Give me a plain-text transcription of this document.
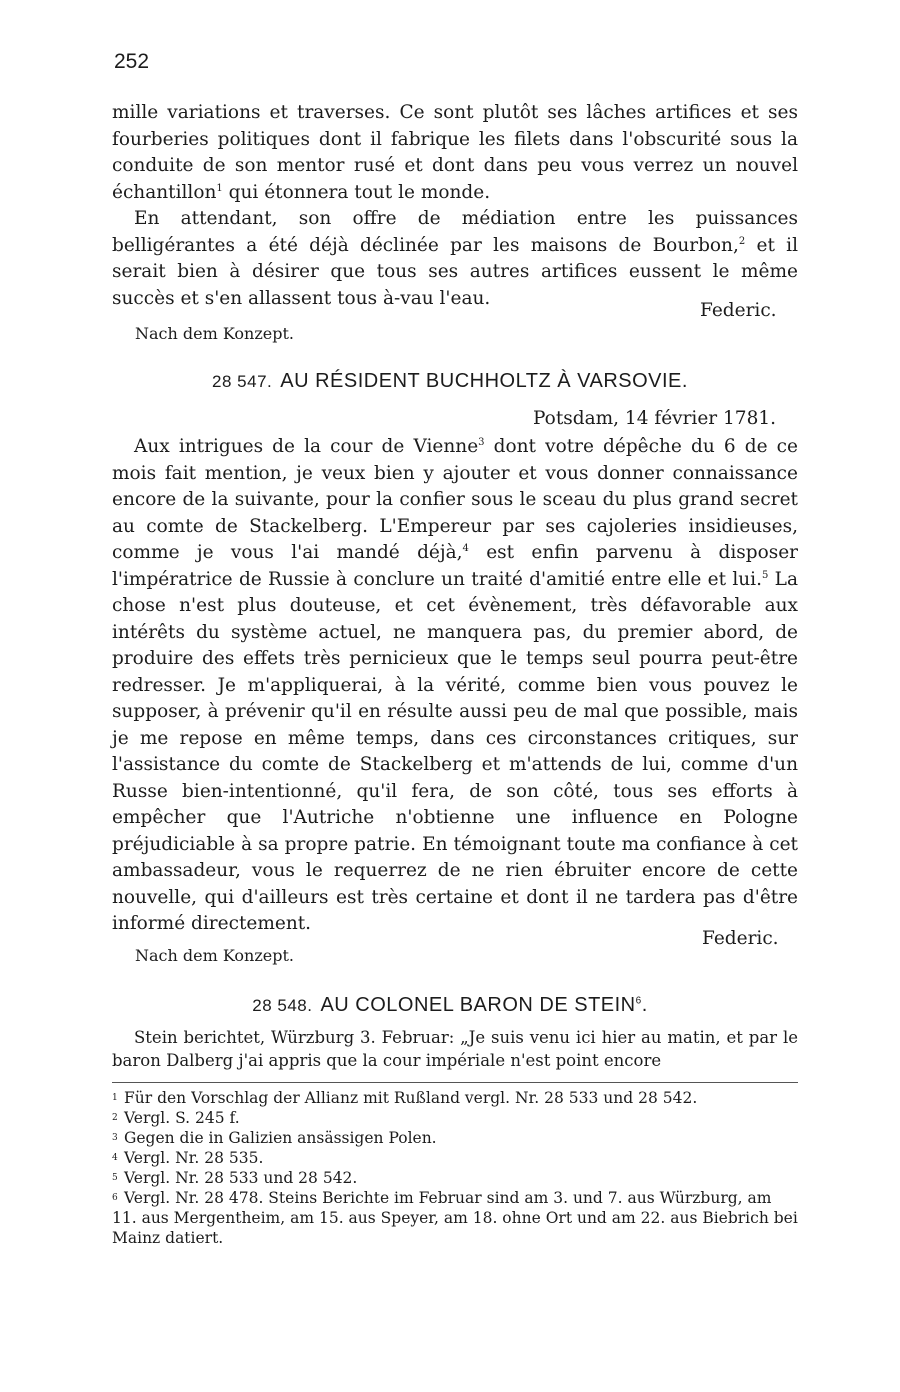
252
mille variations et traverses. Ce sont plutôt ses lâches artifices et ses fourberies politiques dont il fabrique les filets dans l'obscurité sous la conduite de son mentor rusé et dont dans peu vous verrez un nouvel échantillon$^1$ qui étonnera tout le monde.
En attendant, son offre de médiation entre les puissances belligérantes a été déjà déclinée par les maisons de Bourbon,$^2$ et il serait bien à désirer que tous ses autres artifices eussent le même succès et s'en allassent tous à-vau l'eau.
Federic.
Nach dem Konzept.
28 547. AU RÉSIDENT BUCHHOLTZ À VARSOVIE.
Potsdam, 14 février 1781.
Aux intrigues de la cour de Vienne$^3$ dont votre dépêche du 6 de ce mois fait mention, je veux bien y ajouter et vous donner connaissance encore de la suivante, pour la confier sous le sceau du plus grand secret au comte de Stackelberg. L'Empereur par ses cajoleries insidieuses, comme je vous l'ai mandé déjà,$^4$ est enfin parvenu à disposer l'impératrice de Russie à conclure un traité d'amitié entre elle et lui.$^5$ La chose n'est plus douteuse, et cet évènement, très défavorable aux intérêts du système actuel, ne manquera pas, du premier abord, de produire des effets très pernicieux que le temps seul pourra peut-être redresser. Je m'appliquerai, à la vérité, comme bien vous pouvez le supposer, à prévenir qu'il en résulte aussi peu de mal que possible, mais je me repose en même temps, dans ces circonstances critiques, sur l'assistance du comte de Stackelberg et m'attends de lui, comme d'un Russe bien-intentionné, qu'il fera, de son côté, tous ses efforts à empêcher que l'Autriche n'obtienne une influence en Pologne préjudiciable à sa propre patrie. En témoignant toute ma confiance à cet ambassadeur, vous le requerrez de ne rien ébruiter encore de cette nouvelle, qui d'ailleurs est très certaine et dont il ne tardera pas d'être informé directement.
Federic.
Nach dem Konzept.
28 548. AU COLONEL BARON DE STEIN$^6$.
Stein berichtet, Würzburg 3. Februar: „Je suis venu ici hier au matin, et par le baron Dalberg j'ai appris que la cour impériale n'est point encore
1 Für den Vorschlag der Allianz mit Rußland vergl. Nr. 28 533 und 28 542.
2 Vergl. S. 245 f.
3 Gegen die in Galizien ansässigen Polen.
4 Vergl. Nr. 28 535.
5 Vergl. Nr. 28 533 und 28 542.
6 Vergl. Nr. 28 478. Steins Berichte im Februar sind am 3. und 7. aus Würzburg, am 11. aus Mergentheim, am 15. aus Speyer, am 18. ohne Ort und am 22. aus Biebrich bei Mainz datiert.
